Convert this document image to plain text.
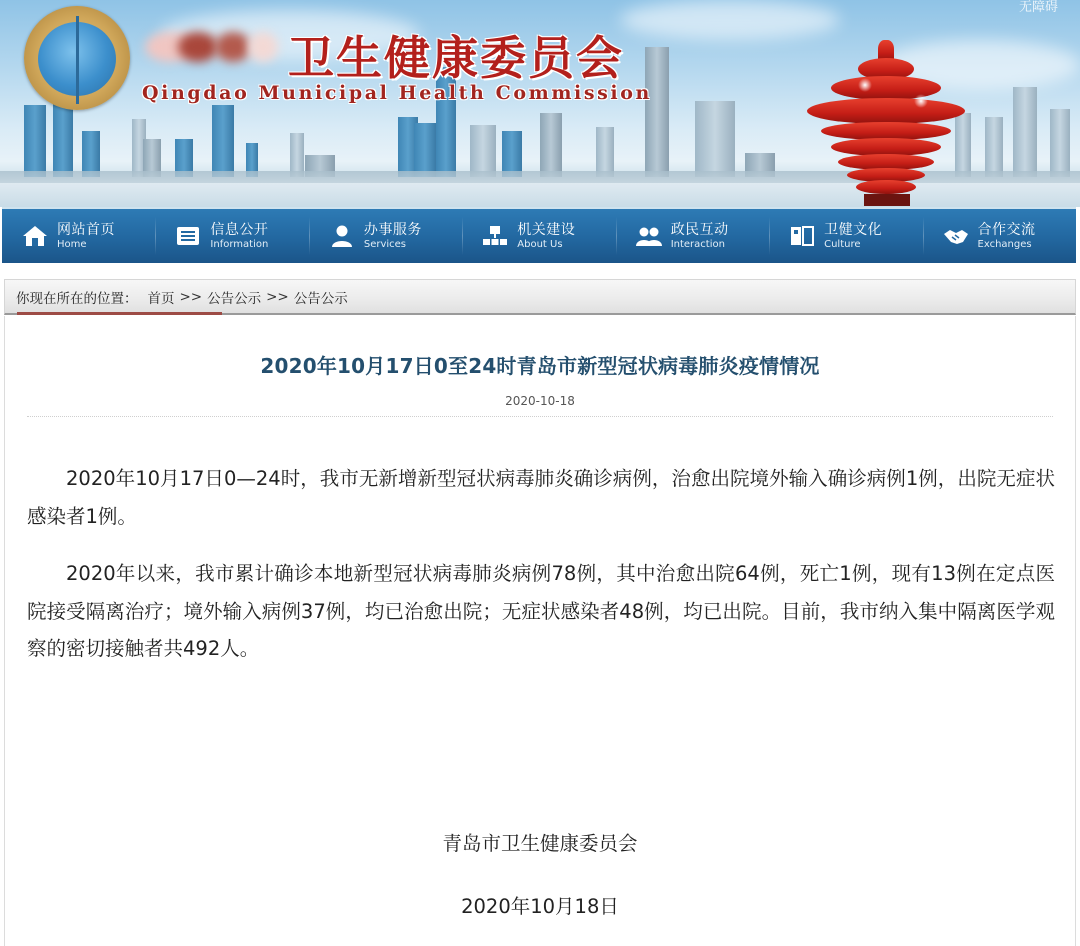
卫生健康委员会
Qingdao Municipal Health Commission
无障碍
网站首页
Home
信息公开
Information
办事服务
Services
机关建设
About Us
政民互动
Interaction
卫健文化
Culture
合作交流
Exchanges
你现在所在的位置： 首页 >> 公告公示 >> 公告公示
2020年10月17日0至24时青岛市新型冠状病毒肺炎疫情情况
2020-10-18

2020年10月17日0—24时，我市无新增新型冠状病毒肺炎确诊病例，治愈出院境外输入确诊病例1例，出院无症状感染者1例。

2020年以来，我市累计确诊本地新型冠状病毒肺炎病例78例，其中治愈出院64例，死亡1例，现有13例在定点医院接受隔离治疗；境外输入病例37例，均已治愈出院；无症状感染者48例，均已出院。目前，我市纳入集中隔离医学观察的密切接触者共492人。

青岛市卫生健康委员会
2020年10月18日
